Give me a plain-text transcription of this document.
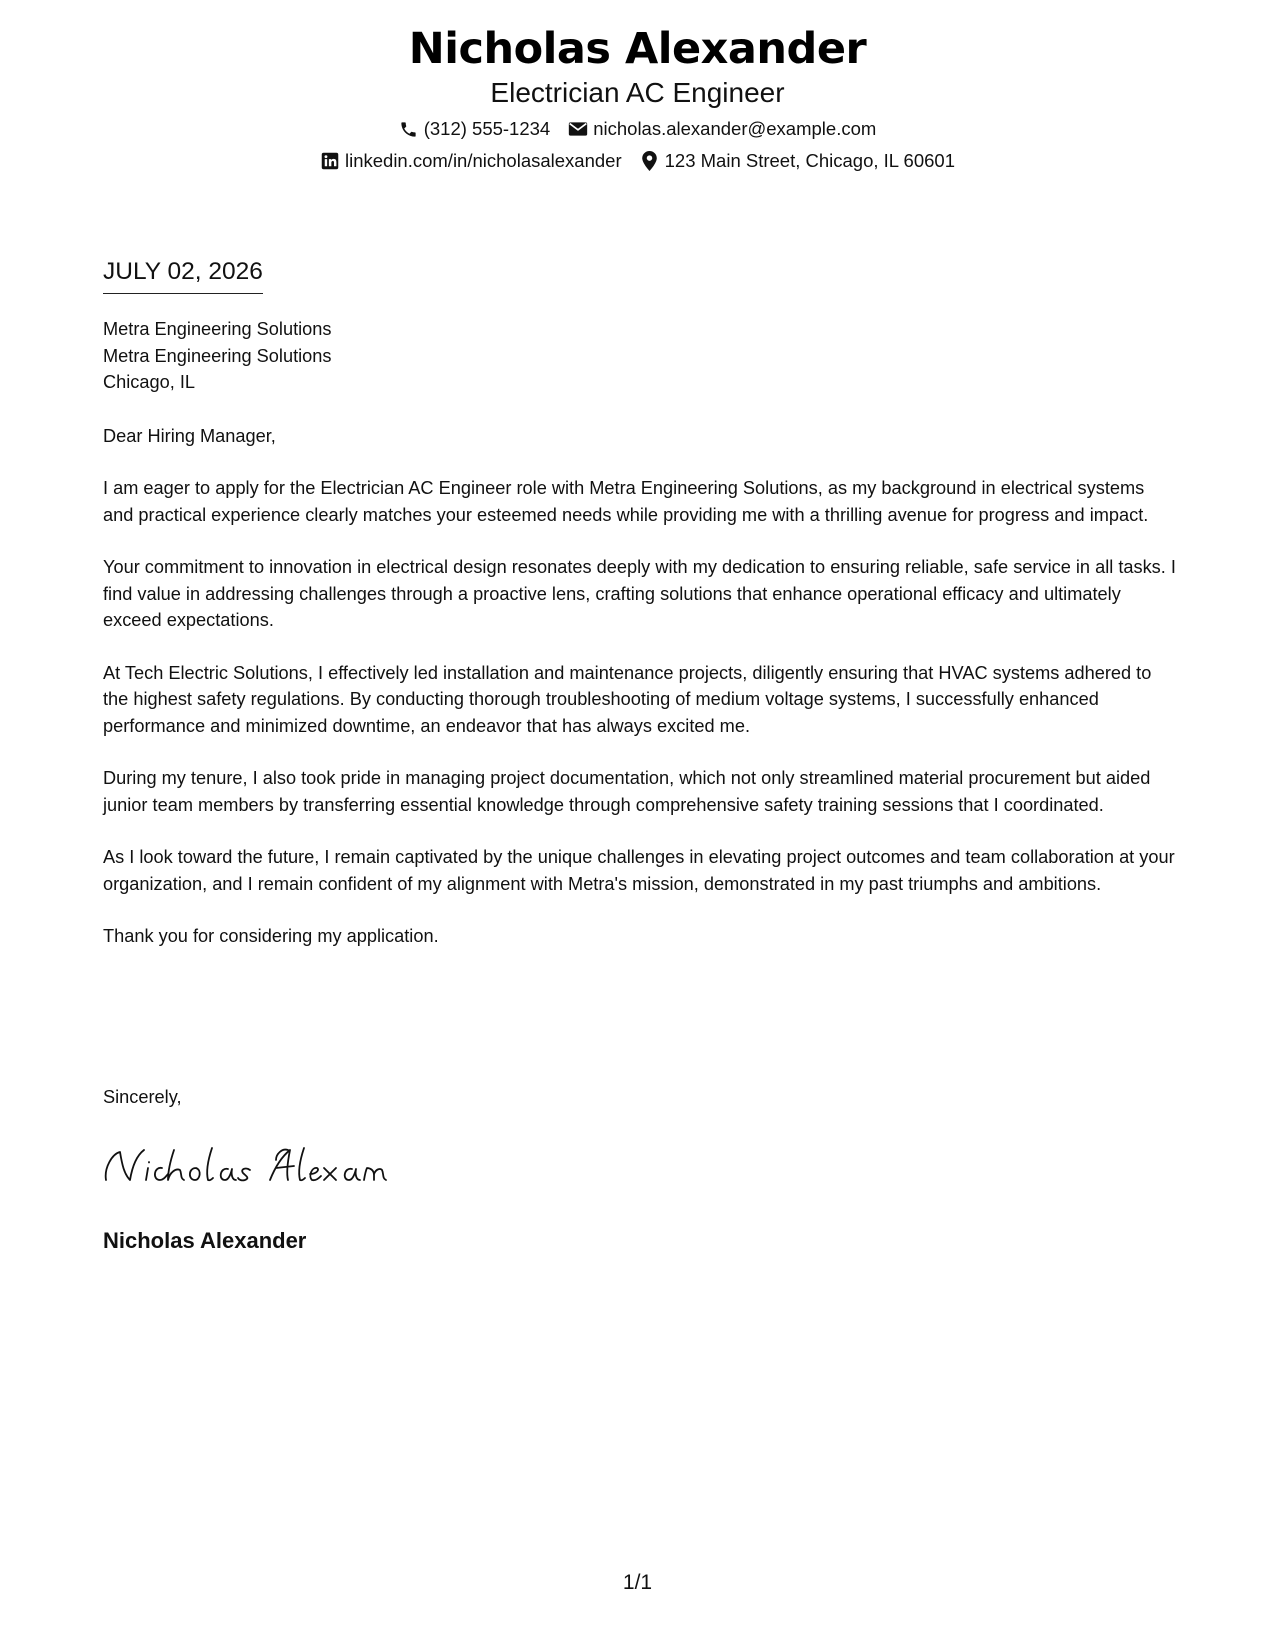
Nicholas Alexander
Electrician AC Engineer
(312) 555-1234 nicholas.alexander@example.com
linkedin.com/in/nicholasalexander 123 Main Street, Chicago, IL 60601
JULY 02, 2026
Metra Engineering Solutions
Metra Engineering Solutions
Chicago, IL

Dear Hiring Manager,

I am eager to apply for the Electrician AC Engineer role with Metra Engineering Solutions, as my background in electrical systems and practical experience clearly matches your esteemed needs while providing me with a thrilling avenue for progress and impact.

Your commitment to innovation in electrical design resonates deeply with my dedication to ensuring reliable, safe service in all tasks. I find value in addressing challenges through a proactive lens, crafting solutions that enhance operational efficacy and ultimately exceed expectations.

At Tech Electric Solutions, I effectively led installation and maintenance projects, diligently ensuring that HVAC systems adhered to the highest safety regulations. By conducting thorough troubleshooting of medium voltage systems, I successfully enhanced performance and minimized downtime, an endeavor that has always excited me.

During my tenure, I also took pride in managing project documentation, which not only streamlined material procurement but aided junior team members by transferring essential knowledge through comprehensive safety training sessions that I coordinated.

As I look toward the future, I remain captivated by the unique challenges in elevating project outcomes and team collaboration at your organization, and I remain confident of my alignment with Metra's mission, demonstrated in my past triumphs and ambitions.

Thank you for considering my application.

Sincerely,
Nicholas Alexander
1/1
